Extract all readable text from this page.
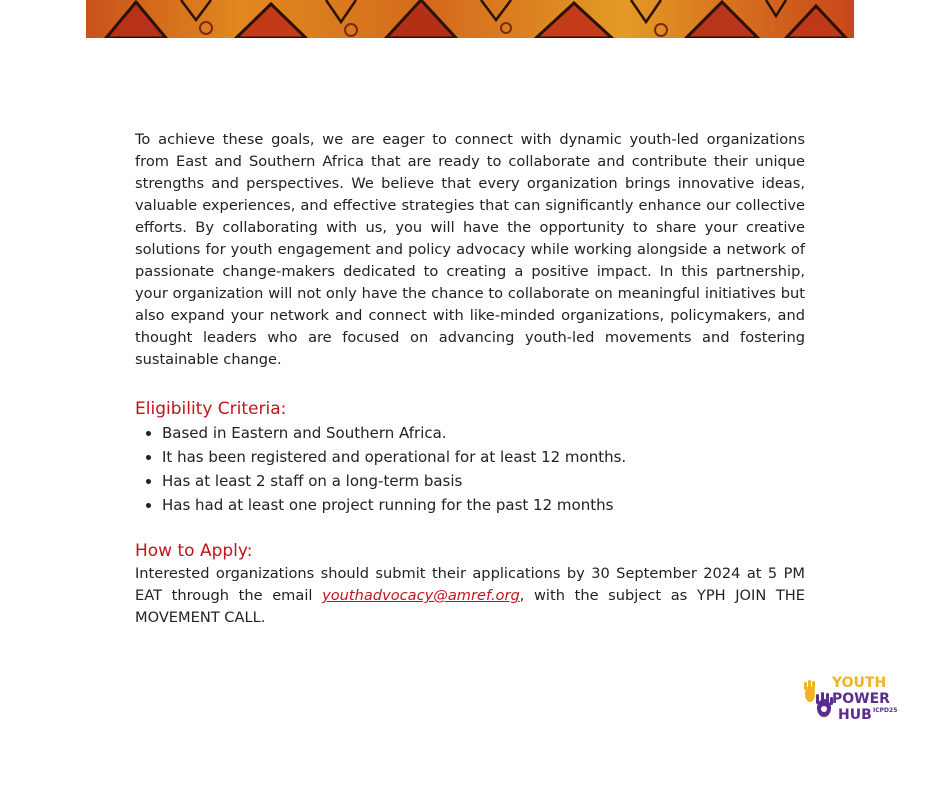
To achieve these goals, we are eager to connect with dynamic youth-led organizations from East and Southern Africa that are ready to collaborate and contribute their unique strengths and perspectives. We believe that every organization brings innovative ideas, valuable experiences, and effective strategies that can significantly enhance our collective efforts. By collaborating with us, you will have the opportunity to share your creative solutions for youth engagement and policy advocacy while working alongside a network of passionate change-makers dedicated to creating a positive impact. In this partnership, your organization will not only have the chance to collaborate on meaningful initiatives but also expand your network and connect with like-minded organizations, policymakers, and thought leaders who are focused on advancing youth-led movements and fostering sustainable change.

Eligibility Criteria:
• Based in Eastern and Southern Africa.
• It has been registered and operational for at least 12 months.
• Has at least 2 staff on a long-term basis
• Has had at least one project running for the past 12 months
How to Apply:

Interested organizations should submit their applications by 30 September 2024 at 5 PM EAT through the email youthadvocacy@amref.org, with the subject as YPH JOIN THE MOVEMENT CALL.

YOUTH
POWER
HUB ICPD25
